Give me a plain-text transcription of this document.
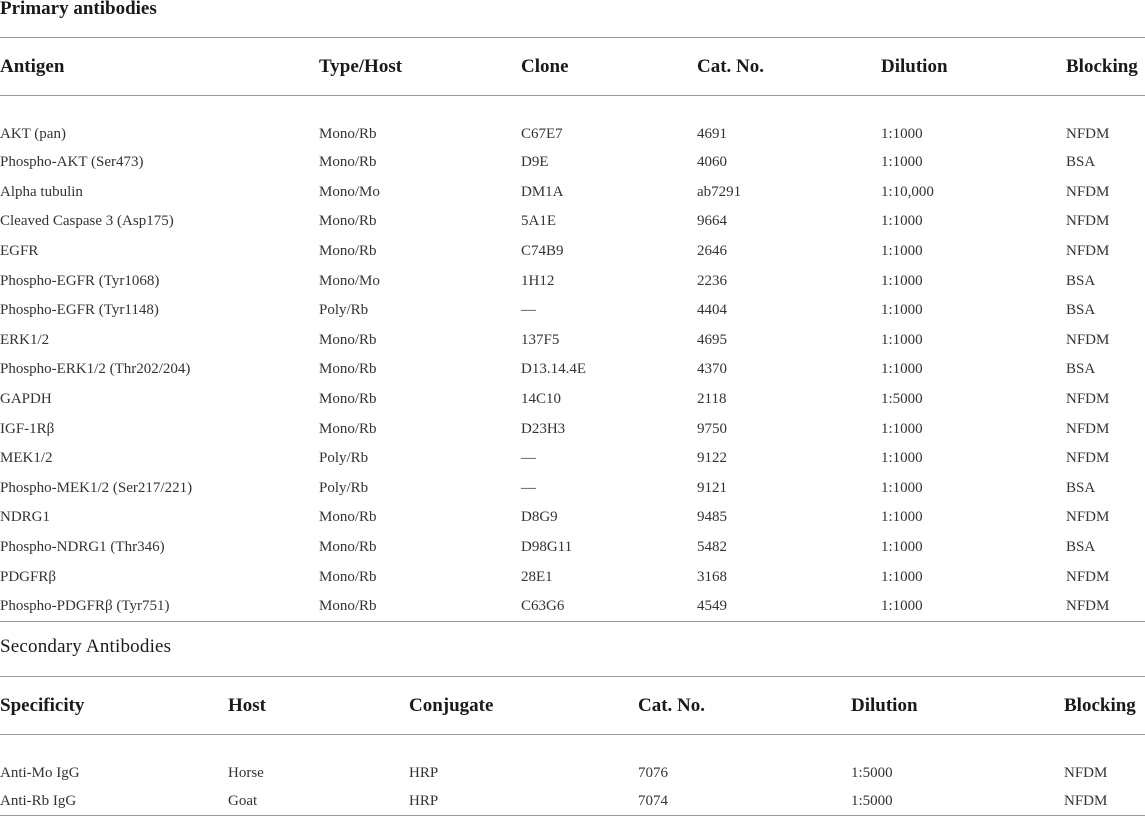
Primary antibodies
Antigen	Type/Host	Clone	Cat. No.	Dilution	Blocking
AKT (pan)	Mono/Rb	C67E7	4691	1:1000	NFDM
Phospho-AKT (Ser473)	Mono/Rb	D9E	4060	1:1000	BSA
Alpha tubulin	Mono/Mo	DM1A	ab7291	1:10,000	NFDM
Cleaved Caspase 3 (Asp175)	Mono/Rb	5A1E	9664	1:1000	NFDM
EGFR	Mono/Rb	C74B9	2646	1:1000	NFDM
Phospho-EGFR (Tyr1068)	Mono/Mo	1H12	2236	1:1000	BSA
Phospho-EGFR (Tyr1148)	Poly/Rb	—	4404	1:1000	BSA
ERK1/2	Mono/Rb	137F5	4695	1:1000	NFDM
Phospho-ERK1/2 (Thr202/204)	Mono/Rb	D13.14.4E	4370	1:1000	BSA
GAPDH	Mono/Rb	14C10	2118	1:5000	NFDM
IGF-1Rβ	Mono/Rb	D23H3	9750	1:1000	NFDM
MEK1/2	Poly/Rb	—	9122	1:1000	NFDM
Phospho-MEK1/2 (Ser217/221)	Poly/Rb	—	9121	1:1000	BSA
NDRG1	Mono/Rb	D8G9	9485	1:1000	NFDM
Phospho-NDRG1 (Thr346)	Mono/Rb	D98G11	5482	1:1000	BSA
PDGFRβ	Mono/Rb	28E1	3168	1:1000	NFDM
Phospho-PDGFRβ (Tyr751)	Mono/Rb	C63G6	4549	1:1000	NFDM
Secondary Antibodies
Specificity	Host	Conjugate	Cat. No.	Dilution	Blocking
Anti-Mo IgG	Horse	HRP	7076	1:5000	NFDM
Anti-Rb IgG	Goat	HRP	7074	1:5000	NFDM
